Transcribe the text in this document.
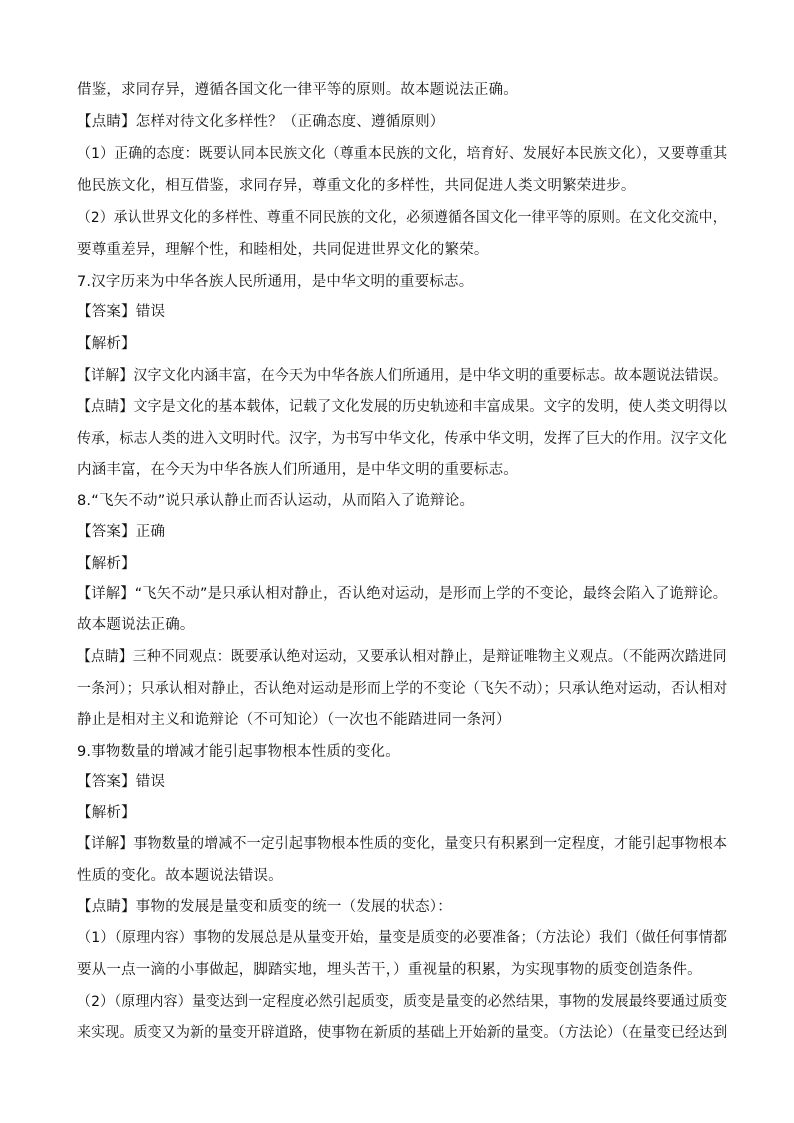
借鉴，求同存异，遵循各国文化一律平等的原则。故本题说法正确。
【点睛】怎样对待文化多样性？（正确态度、遵循原则）
（1）正确的态度：既要认同本民族文化（尊重本民族的文化，培育好、发展好本民族文化），又要尊重其
他民族文化，相互借鉴，求同存异，尊重文化的多样性，共同促进人类文明繁荣进步。
（2）承认世界文化的多样性、尊重不同民族的文化，必须遵循各国文化一律平等的原则。在文化交流中，
要尊重差异，理解个性，和睦相处，共同促进世界文化的繁荣。
7.汉字历来为中华各族人民所通用，是中华文明的重要标志。
【答案】错误
【解析】
【详解】汉字文化内涵丰富，在今天为中华各族人们所通用，是中华文明的重要标志。故本题说法错误。
【点睛】文字是文化的基本载体，记载了文化发展的历史轨迹和丰富成果。文字的发明，使人类文明得以
传承，标志人类的进入文明时代。汉字，为书写中华文化，传承中华文明，发挥了巨大的作用。汉字文化
内涵丰富，在今天为中华各族人们所通用，是中华文明的重要标志。
8.“飞矢不动”说只承认静止而否认运动，从而陷入了诡辩论。
【答案】正确
【解析】
【详解】“飞矢不动”是只承认相对静止，否认绝对运动，是形而上学的不变论，最终会陷入了诡辩论。
故本题说法正确。
【点睛】三种不同观点：既要承认绝对运动，又要承认相对静止，是辩证唯物主义观点。（不能两次踏进同
一条河）；只承认相对静止，否认绝对运动是形而上学的不变论（飞矢不动）；只承认绝对运动，否认相对
静止是相对主义和诡辩论（不可知论）（一次也不能踏进同一条河）
9.事物数量的增减才能引起事物根本性质的变化。
【答案】错误
【解析】
【详解】事物数量的增减不一定引起事物根本性质的变化，量变只有积累到一定程度，才能引起事物根本
性质的变化。故本题说法错误。
【点睛】事物的发展是量变和质变的统一（发展的状态）：
（1）（原理内容）事物的发展总是从量变开始，量变是质变的必要准备；（方法论）我们（做任何事情都
要从一点一滴的小事做起，脚踏实地，埋头苦干，）重视量的积累，为实现事物的质变创造条件。
（2）（原理内容）量变达到一定程度必然引起质变，质变是量变的必然结果，事物的发展最终要通过质变
来实现。质变又为新的量变开辟道路，使事物在新质的基础上开始新的量变。（方法论）（在量变已经达到
